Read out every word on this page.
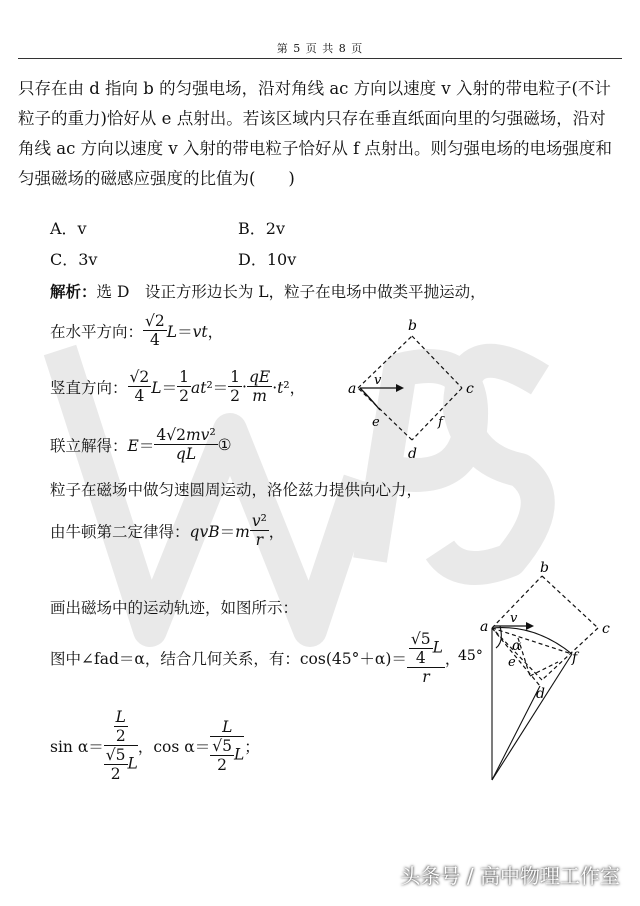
第 5 页 共 8 页
只存在由 d 指向 b 的匀强电场，沿对角线 ac 方向以速度 v 入射的带电粒子(不计粒子的重力)恰好从 e 点射出。若该区域内只存在垂直纸面向里的匀强磁场，沿对角线 ac 方向以速度 v 入射的带电粒子恰好从 f 点射出。则匀强电场的电场强度和匀强磁场的磁感应强度的比值为(　　)
A．v	B．2v
C．3v	D．10v
解析：选 D　设正方形边长为 L，粒子在电场中做类平抛运动，
在水平方向： $\frac{√2}{4} L=vt$，
竖直方向： $\frac{√2}{4} L= \frac{1}{2} at^2= \frac{1}{2} \cdot \frac{qE}{m} \cdot t^2$，
联立解得： $E= \frac{\text{4√2mv²}}{qL}$ ①
粒子在磁场中做匀速圆周运动，洛伦兹力提供向心力，
由牛顿第二定律得： $qvB=m \frac{\text{v²}}{r}$ ，
画出磁场中的运动轨迹，如图所示：
图中∠fad＝α，结合几何关系，有： $\cos(45^\circ+\alpha)= \frac{\frac{√5}{4} L}{r}$ ，
$\sin \alpha= \frac{\frac{L}{2}}{\frac{√5}{2} L}$ ，$\cos \alpha= \frac{L}{\frac{√5}{2} L}$ ；
a
b
c
d
e	f
v
a
b
c
d
e	f
v
α
45°
头条号 / 高中物理工作室
